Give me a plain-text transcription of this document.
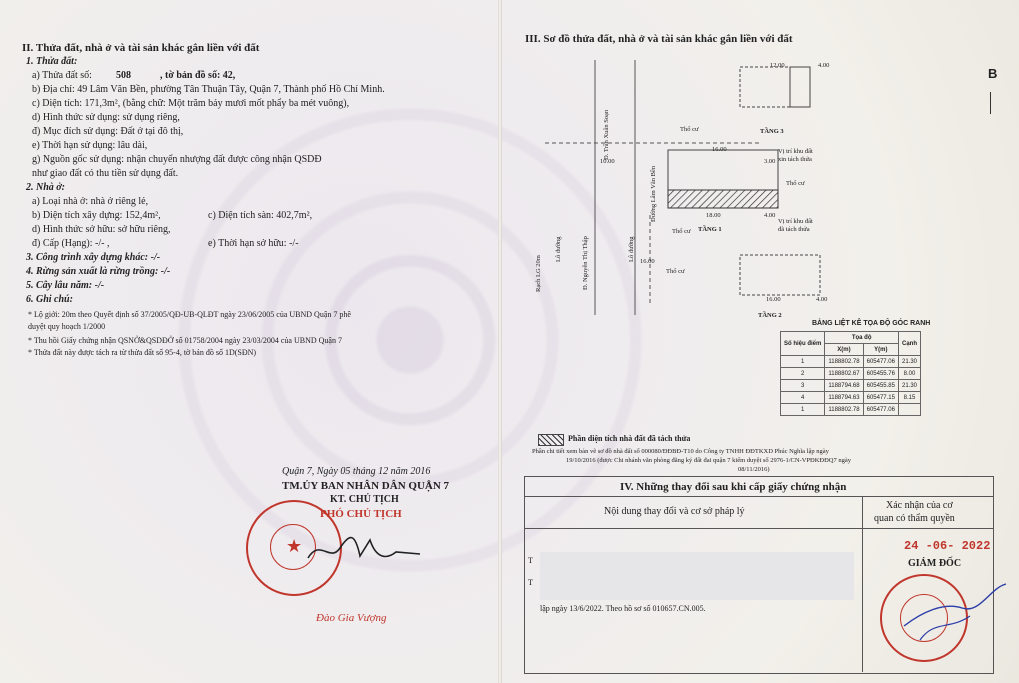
II. Thửa đất, nhà ở và tài sản khác gắn liền với đất
1. Thửa đất:
a) Thửa đất số: 508	, tờ bản đồ số: 42,
b) Địa chỉ: 49 Lâm Văn Bền, phường Tân Thuận Tây, Quận 7, Thành phố Hồ Chí Minh.
c) Diện tích: 171,3m², (bằng chữ: Một trăm bảy mươi mốt phẩy ba mét vuông),
d) Hình thức sử dụng: sử dụng riêng,
đ) Mục đích sử dụng: Đất ở tại đô thị,
e) Thời hạn sử dụng: lâu dài,
g) Nguồn gốc sử dụng: nhận chuyển nhượng đất được công nhận QSDĐ
như giao đất có thu tiền sử dụng đất.
2. Nhà ở:
a) Loại nhà ở: nhà ở riêng lẻ,
b) Diện tích xây dựng: 152,4m²,	c) Diện tích sàn: 402,7m²,
d) Hình thức sở hữu: sở hữu riêng,
đ) Cấp (Hạng): -/- ,	e) Thời hạn sở hữu: -/-
3. Công trình xây dựng khác: -/-
4. Rừng sản xuất là rừng trồng: -/-
5. Cây lâu năm: -/-
6. Ghi chú:
* Lộ giới: 20m theo Quyết định số 37/2005/QĐ-UB-QLĐT ngày 23/06/2005 của UBND Quận 7 phê
duyệt quy hoạch 1/2000
* Thu hồi Giấy chứng nhận QSNỞ&QSDĐỞ số 01758/2004 ngày 23/03/2004 của UBND Quận 7
* Thửa đất này được tách ra từ thửa đất số 95-4, tờ bản đồ số 1D(SĐN)
Quận 7, Ngày 05 tháng 12 năm 2016
TM.ỦY BAN NHÂN DÂN QUẬN 7
KT. CHỦ TỊCH
PHÓ CHỦ TỊCH
★
Đào Gia Vượng
III. Sơ đồ thửa đất, nhà ở và tài sản khác gắn liền với đất
B
TẦNG 3
TẦNG 1
TẦNG 2
Đường Lâm Văn Bền
Rạch LG 20m
Đ. Trần Xuân Soạn
Đ. Nguyễn Thị Thập
Lô đường	Lô đường
Thổ cư
Thổ cư
Thổ cư
Thổ cư
Vị trí khu đất
xin tách thửa
Vị trí khu đất
đã tách thửa
12.00	4.00
16.00
3.00
10.00
18.00	4.00
16.00
16.00
4.00
BẢNG LIỆT KÊ TỌA ĐỘ GÓC RANH
Số hiệu điểm	Tọa độ		Cạnh
	X(m)	Y(m)	
1	1188802.78	605477.06	21.30
2	1188802.67	605455.76	8.00
3	1188794.68	605455.85	21.30
4	1188794.63	605477.15	8.15
1	1188802.78	605477.06	
Phần diện tích nhà đất đã tách thửa
Phần chi tiết xem bản vẽ sơ đồ nhà đất số 000080/ĐĐBĐ-T10 do Công ty TNHH ĐĐTKXD Phúc Nghĩa lập ngày
19/10/2016 (được Chi nhánh văn phòng đăng ký đất đai quận 7 kiểm duyệt số 2976-1/CN-VPĐKĐĐQ7 ngày
08/11/2016)
IV. Những thay đổi sau khi cấp giấy chứng nhận
Nội dung thay đổi và cơ sở pháp lý
Xác nhận của cơ
quan có thẩm quyền
T
T
lập ngày 13/6/2022. Theo hồ sơ số 010657.CN.005.
24 -06- 2022
GIÁM ĐỐC
